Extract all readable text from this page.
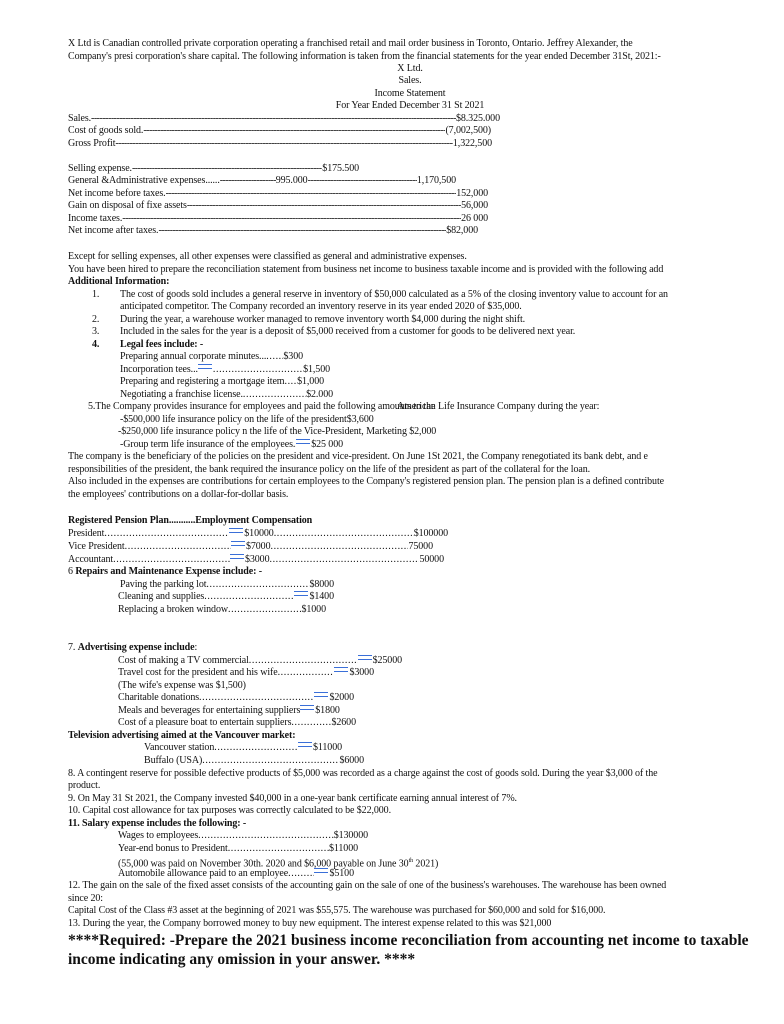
X Ltd is Canadian controlled private corporation operating a franchised retail and mail order business in Toronto, Ontario. Jeffrey Alexander, the
Company's presi corporation's share capital. The following information is taken from the financial statements for the year ended December 31St, 2021:-
X Ltd.
Sales.
Income Statement
For Year Ended December 31 St 2021
Sales. -----	$8.325.000
Cost of goods sold. -----	(7,002,500)
Gross Profit -----	1,322,500
Selling expense. -----	$175.500
General &Administrative expenses...... -----	995.000 -----	1,170,500
Net income before taxes. -----	152,000
Gain on disposal of fixe assets -----	56,000
Income taxes. -----	26 000
Net income after taxes. -----	$82,000
Except for selling expenses, all other expenses were classified as general and administrative expenses.
You have been hired to prepare the reconciliation statement from business net income to business taxable income and is provided with the following add
Additional Information:
1. The cost of goods sold includes a general reserve in inventory of $50,000 calculated as a 5% of the closing inventory value to account for an
anticipated competitor. The Company recorded an inventory reserve in its year ended 2020 of $35,000.
2. During the year, a warehouse worker managed to remove inventory worth $4,000 during the night shift.
3. Included in the sales for the year is a deposit of $5,000 received from a customer for goods to be delivered next year.
4. Legal fees include: -
Preparing annual corporate minutes... ..... $300
Incorporation tees... .....	$1,500
Preparing and registering a mortgage item ..... $1,000
Negotiating a franchise license. .....	$2.000
5.The Company provides insurance for employees and paid the following amounts to the
American Life Insurance Company during the year:
-$500,000 life insurance policy on the life of the president $3,600
-$250,000 life insurance policy n the life of the Vice-President, Marketing $ 2,000
-Group term life insurance of the employees. ..... $25 000
The company is the beneficiary of the policies on the president and vice-president. On June 1St 2021, the Company renegotiated its bank debt, and e
responsibilities of the president, the bank required the insurance policy on the life of the president as part of the collateral for the loan.
Also included in the expenses are contributions for certain employees to the Company's registered pension plan. The pension plan is a defined contribute
the employees' contributions on a dollar-for-dollar basis.
Registered Pension Plan...........Employment Compensation
President .....	$10000 .....	$100000
Vice President .....	$7000 .....	75000
Accountant .....	$3000 .....	50000
6 Repairs and Maintenance Expense include: -
Paving the parking lot .....	$8000
Cleaning and supplies .....	$1400
Replacing a broken window .....	$1000
7. Advertising expense include:
Cost of making a TV commercial .....	$25000
Travel cost for the president and his wife .....	$3000
(The wife's expense was $1,500)
Charitable donations .....	$2000
Meals and beverages for entertaining suppliers $1800
Cost of a pleasure boat to entertain suppliers .....	$2600
Television advertising aimed at the Vancouver market:
Vancouver station .....	$11000
Buffalo (USA) .....	$6000
8. A contingent reserve for possible defective products of $5,000 was recorded as a charge against the cost of goods sold. During the year $3,000 of the
product.
9. On May 31 St 2021, the Company invested $40,000 in a one-year bank certificate earning annual interest of 7%.
10. Capital cost allowance for tax purposes was correctly calculated to be $22,000.
11. Salary expense includes the following: -
Wages to employees .....	$130000
Year-end bonus to President .....	$11000
(55,000 was paid on November 30th. 2020 and $6,000 payable on June 30th 2021)
Automobile allowance paid to an employee .....	$5100
12. The gain on the sale of the fixed asset consists of the accounting gain on the sale of one of the business's warehouses. The warehouse has been owned
since 20:
Capital Cost of the Class #3 asset at the beginning of 2021 was $55,575. The warehouse was purchased for $60,000 and sold for $16,000.
13. During the year, the Company borrowed money to buy new equipment. The interest expense related to this was $21,000
****Required: -Prepare the 2021 business income reconciliation from accounting net income to taxable
income indicating any omission in your answer. ****
